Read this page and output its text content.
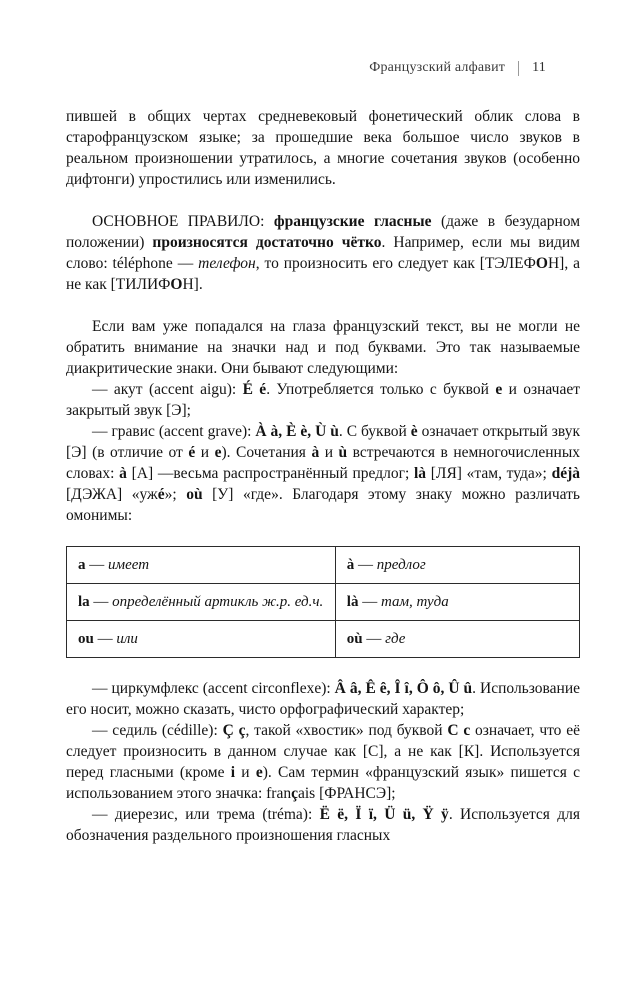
Французский алфавит 11

пившей в общих чертах средневековый фонетический облик слова в старофранцузском языке; за прошедшие века большое число звуков в реальном произношении утратилось, а многие сочетания звуков (особенно дифтонги) упростились или изменились.

ОСНОВНОЕ ПРАВИЛО: французские гласные (даже в безударном положении) произносятся достаточно чётко. Например, если мы видим слово: téléphone — телефон, то произносить его следует как [ТЭЛЕФОН], а не как [ТИЛИФОН].

Если вам уже попадался на глаза французский текст, вы не могли не обратить внимание на значки над и под буквами. Это так называемые диакритические знаки. Они бывают следующими:

— акут (accent aigu): É é. Употребляется только с буквой e и означает закрытый звук [Э];

— гравис (accent grave): À à, È è, Ù ù. С буквой è означает открытый звук [Э] (в отличие от é и e). Сочетания à и ù встречаются в немногочисленных словах: à [А] —весьма распространённый предлог; là [ЛЯ] «там, туда»; déjà [ДЭЖА] «ужé»; où [У] «где». Благодаря этому знаку можно различать омонимы:

a — имеет	à — предлог
la — определённый артикль ж.р. ед.ч.	là — там, туда
ou — или	où — где

— циркумфлекс (accent circonflexe): Â â, Ê ê, Î î, Ô ô, Û û. Использование его носит, можно сказать, чисто орфографический характер;

— седиль (cédille): Ç ç, такой «хвостик» под буквой C c означает, что её следует произносить в данном случае как [С], а не как [К]. Используется перед гласными (кроме i и e). Сам термин «французский язык» пишется с использованием этого значка: français [ФРАНСЭ];

— диерезис, или трема (tréma): Ë ë, Ï ï, Ü ü, Ÿ ÿ. Используется для обозначения раздельного произношения гласных
